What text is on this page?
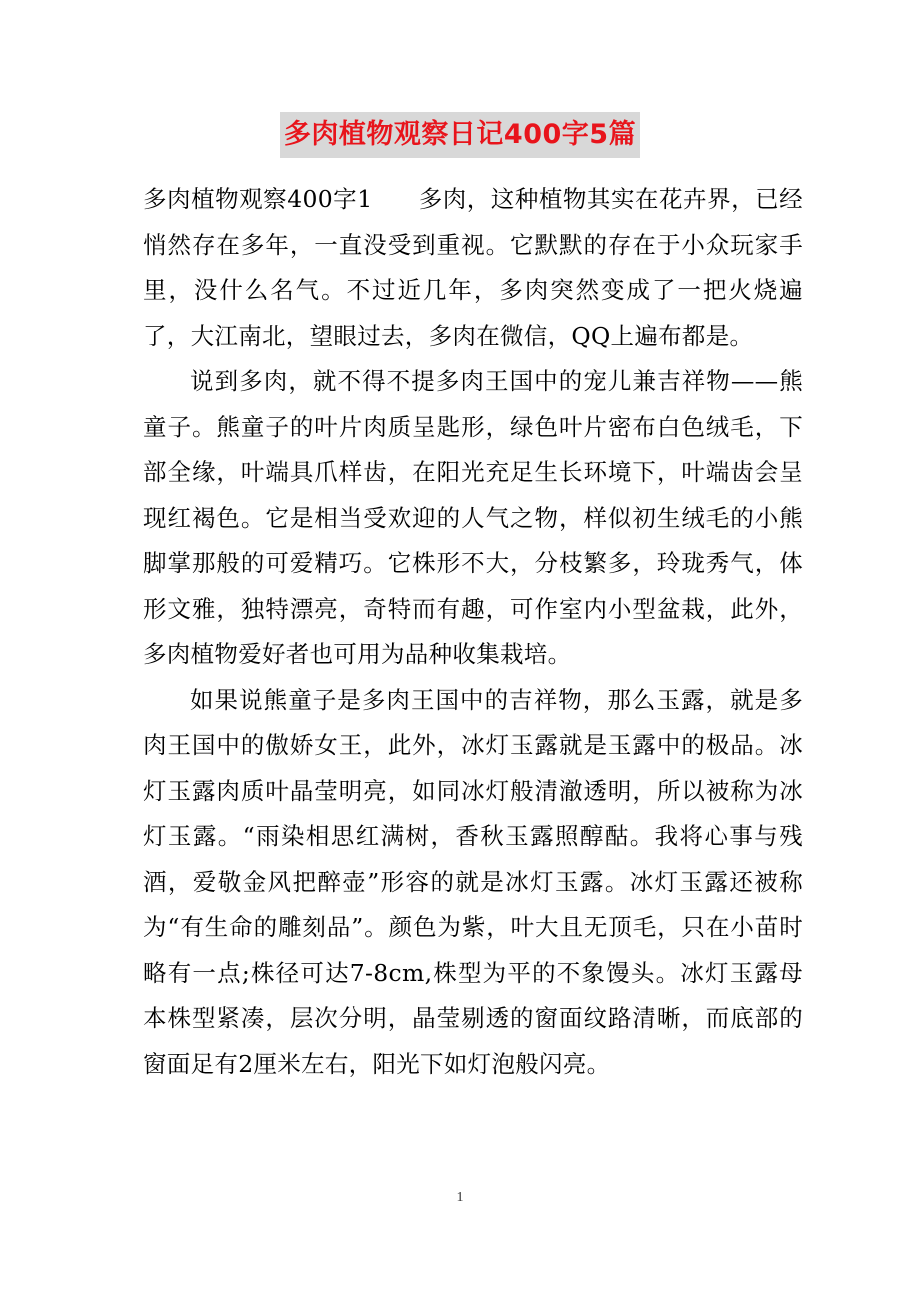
多肉植物观察日记400字5篇

多肉植物观察400字1 多肉，这种植物其实在花卉界，已经悄然存在多年，一直没受到重视。它默默的存在于小众玩家手里，没什么名气。不过近几年，多肉突然变成了一把火烧遍了，大江南北，望眼过去，多肉在微信，QQ上遍布都是。

说到多肉，就不得不提多肉王国中的宠儿兼吉祥物——熊童子。熊童子的叶片肉质呈匙形，绿色叶片密布白色绒毛，下部全缘，叶端具爪样齿，在阳光充足生长环境下，叶端齿会呈现红褐色。它是相当受欢迎的人气之物，样似初生绒毛的小熊脚掌那般的可爱精巧。它株形不大，分枝繁多，玲珑秀气，体形文雅，独特漂亮，奇特而有趣，可作室内小型盆栽，此外，多肉植物爱好者也可用为品种收集栽培。

如果说熊童子是多肉王国中的吉祥物，那么玉露，就是多肉王国中的傲娇女王，此外，冰灯玉露就是玉露中的极品。冰灯玉露肉质叶晶莹明亮，如同冰灯般清澈透明，所以被称为冰灯玉露。“雨染相思红满树，香秋玉露照醇酤。我将心事与残酒，爱敬金风把醉壶”形容的就是冰灯玉露。冰灯玉露还被称为“有生命的雕刻品”。颜色为紫，叶大且无顶毛，只在小苗时略有一点;株径可达7-8cm,株型为平的不象馒头。冰灯玉露母本株型紧凑，层次分明，晶莹剔透的窗面纹路清晰，而底部的窗面足有2厘米左右，阳光下如灯泡般闪亮。

1
